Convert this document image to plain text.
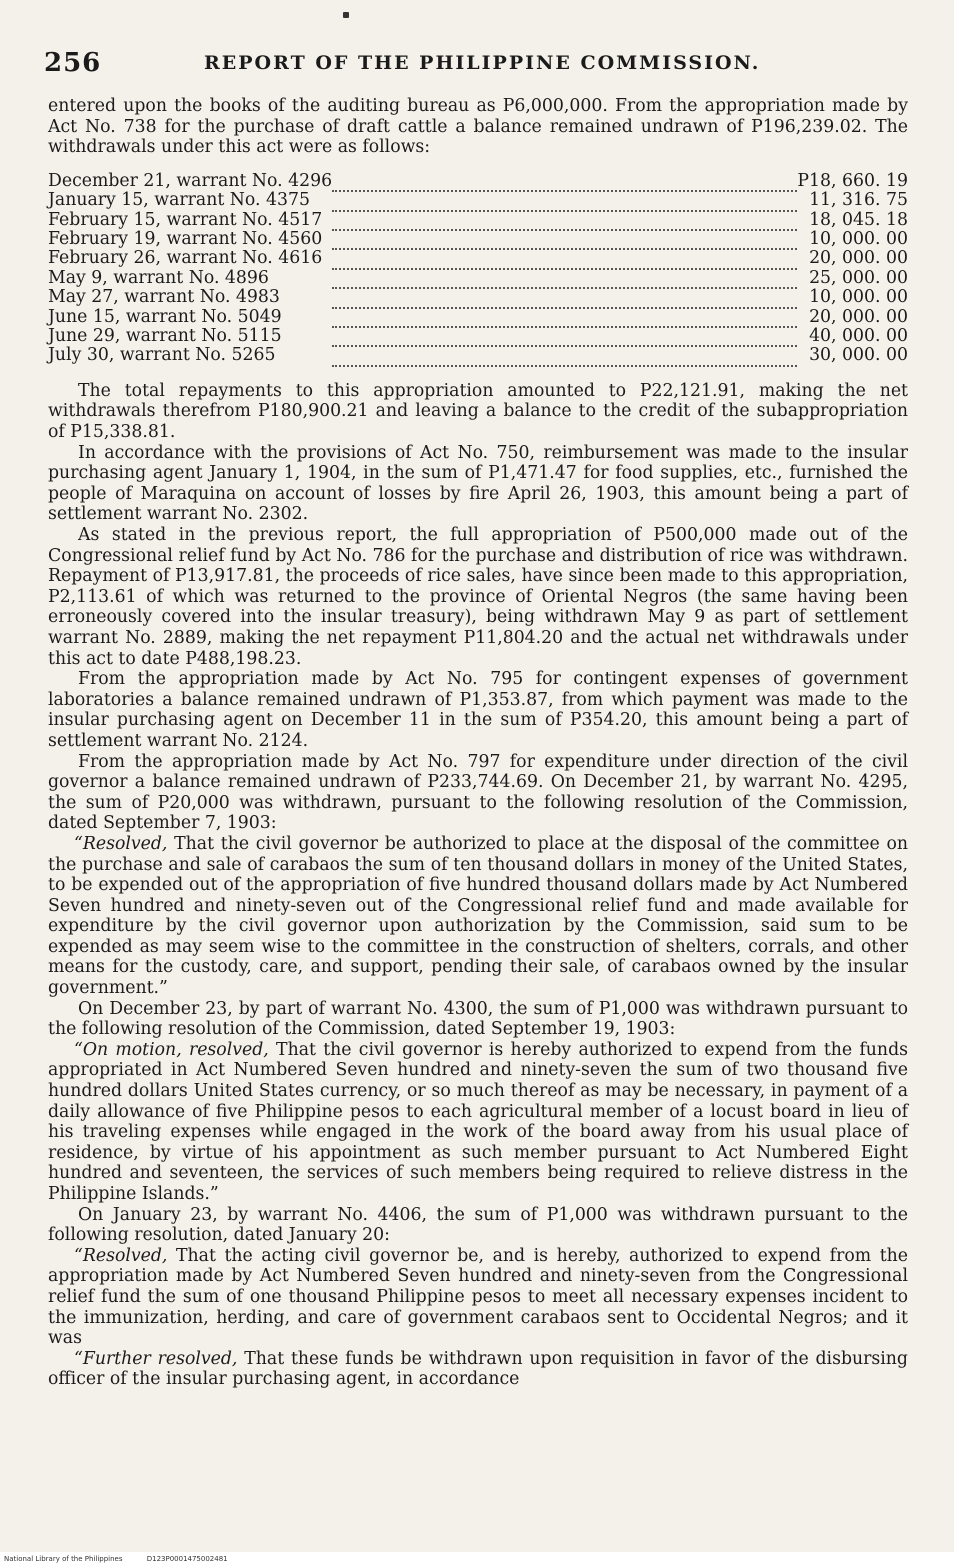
256	REPORT OF THE PHILIPPINE COMMISSION.

entered upon the books of the auditing bureau as P6,000,000. From the appropriation made by Act No. 738 for the purchase of draft cattle a balance remained undrawn of P196,239.02. The withdrawals under this act were as follows:

December 21, warrant No. 4296		P18, 660. 19
January 15, warrant No. 4375		11, 316. 75
February 15, warrant No. 4517		18, 045. 18
February 19, warrant No. 4560		10, 000. 00
February 26, warrant No. 4616		20, 000. 00
May 9, warrant No. 4896		25, 000. 00
May 27, warrant No. 4983		10, 000. 00
June 15, warrant No. 5049		20, 000. 00
June 29, warrant No. 5115		40, 000. 00
July 30, warrant No. 5265		30, 000. 00

The total repayments to this appropriation amounted to P22,121.91, making the net withdrawals therefrom P180,900.21 and leaving a balance to the credit of the subappropriation of P15,338.81.

In accordance with the provisions of Act No. 750, reimbursement was made to the insular purchasing agent January 1, 1904, in the sum of P1,471.47 for food supplies, etc., furnished the people of Maraquina on account of losses by fire April 26, 1903, this amount being a part of settlement warrant No. 2302.

As stated in the previous report, the full appropriation of P500,000 made out of the Congressional relief fund by Act No. 786 for the purchase and distribution of rice was withdrawn. Repayment of P13,917.81, the proceeds of rice sales, have since been made to this appropriation, P2,113.61 of which was returned to the province of Oriental Negros (the same having been erroneously covered into the insular treasury), being withdrawn May 9 as part of settlement warrant No. 2889, making the net repayment P11,804.20 and the actual net withdrawals under this act to date P488,198.23.

From the appropriation made by Act No. 795 for contingent expenses of government laboratories a balance remained undrawn of P1,353.87, from which payment was made to the insular purchasing agent on December 11 in the sum of P354.20, this amount being a part of settlement warrant No. 2124.

From the appropriation made by Act No. 797 for expenditure under direction of the civil governor a balance remained undrawn of P233,744.69. On December 21, by warrant No. 4295, the sum of P20,000 was withdrawn, pursuant to the following resolution of the Commission, dated September 7, 1903:

“Resolved, That the civil governor be authorized to place at the disposal of the committee on the purchase and sale of carabaos the sum of ten thousand dollars in money of the United States, to be expended out of the appropriation of five hundred thousand dollars made by Act Numbered Seven hundred and ninety-seven out of the Congressional relief fund and made available for expenditure by the civil governor upon authorization by the Commission, said sum to be expended as may seem wise to the committee in the construction of shelters, corrals, and other means for the custody, care, and support, pending their sale, of carabaos owned by the insular government.”

On December 23, by part of warrant No. 4300, the sum of P1,000 was withdrawn pursuant to the following resolution of the Commission, dated September 19, 1903:

“On motion, resolved, That the civil governor is hereby authorized to expend from the funds appropriated in Act Numbered Seven hundred and ninety-seven the sum of two thousand five hundred dollars United States currency, or so much thereof as may be necessary, in payment of a daily allowance of five Philippine pesos to each agricultural member of a locust board in lieu of his traveling expenses while engaged in the work of the board away from his usual place of residence, by virtue of his appointment as such member pursuant to Act Numbered Eight hundred and seventeen, the services of such members being required to relieve distress in the Philippine Islands.”

On January 23, by warrant No. 4406, the sum of P1,000 was withdrawn pursuant to the following resolution, dated January 20:

“Resolved, That the acting civil governor be, and is hereby, authorized to expend from the appropriation made by Act Numbered Seven hundred and ninety-seven from the Congressional relief fund the sum of one thousand Philippine pesos to meet all necessary expenses incident to the immunization, herding, and care of government carabaos sent to Occidental Negros; and it was

“Further resolved, That these funds be withdrawn upon requisition in favor of the disbursing officer of the insular purchasing agent, in accordance

National Library of the Philippines	D123P0001475002481
